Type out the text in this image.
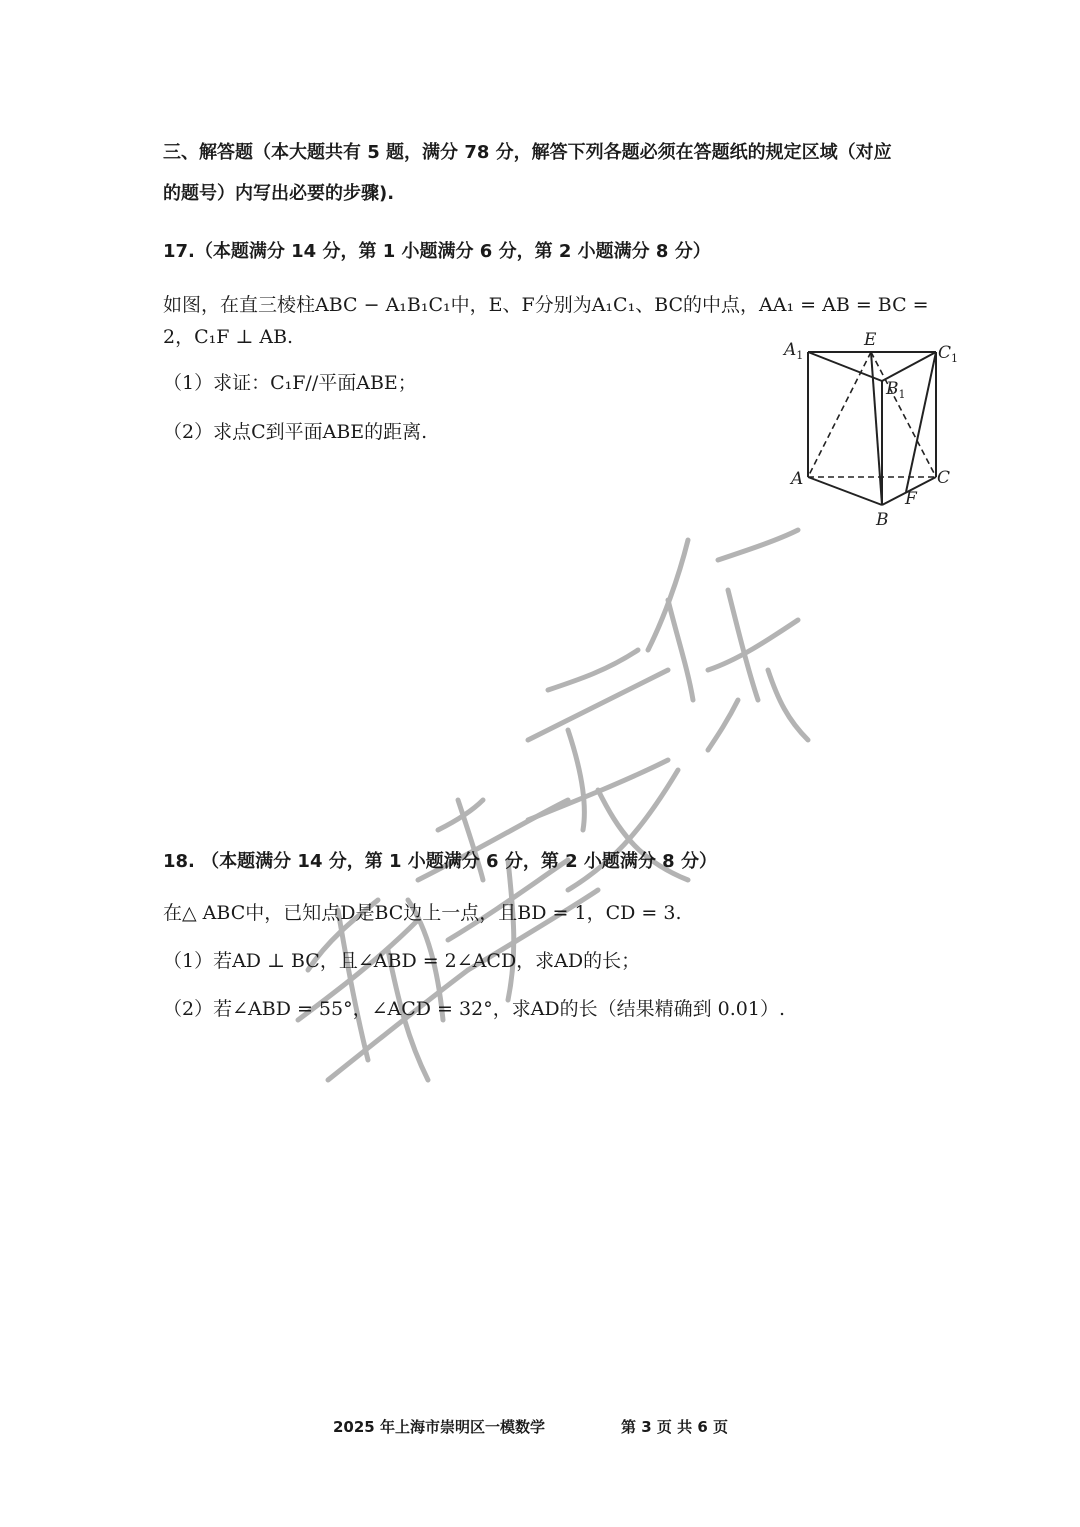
三、解答题（本大题共有 5 题，满分 78 分，解答下列各题必须在答题纸的规定区域（对应
的题号）内写出必要的步骤).
17.（本题满分 14 分，第 1 小题满分 6 分，第 2 小题满分 8 分）
如图，在直三棱柱ABC − A₁B₁C₁中，E、F分别为A₁C₁、BC的中点，AA₁ = AB = BC =
2，C₁F ⊥ AB.
（1）求证：C₁F//平面ABE；
（2）求点C到平面ABE的距离.
$A_1$
E
$C_1$
$B_1$
A	C
F
B
18. （本题满分 14 分，第 1 小题满分 6 分，第 2 小题满分 8 分）
在△ ABC中，已知点D是BC边上一点，且BD = 1，CD = 3.
（1）若AD ⊥ BC，且∠ABD = 2∠ACD，求AD的长；
（2）若∠ABD = 55°，∠ACD = 32°，求AD的长（结果精确到 0.01）.
2025 年上海市崇明区一模数学	第 3 页 共 6 页
